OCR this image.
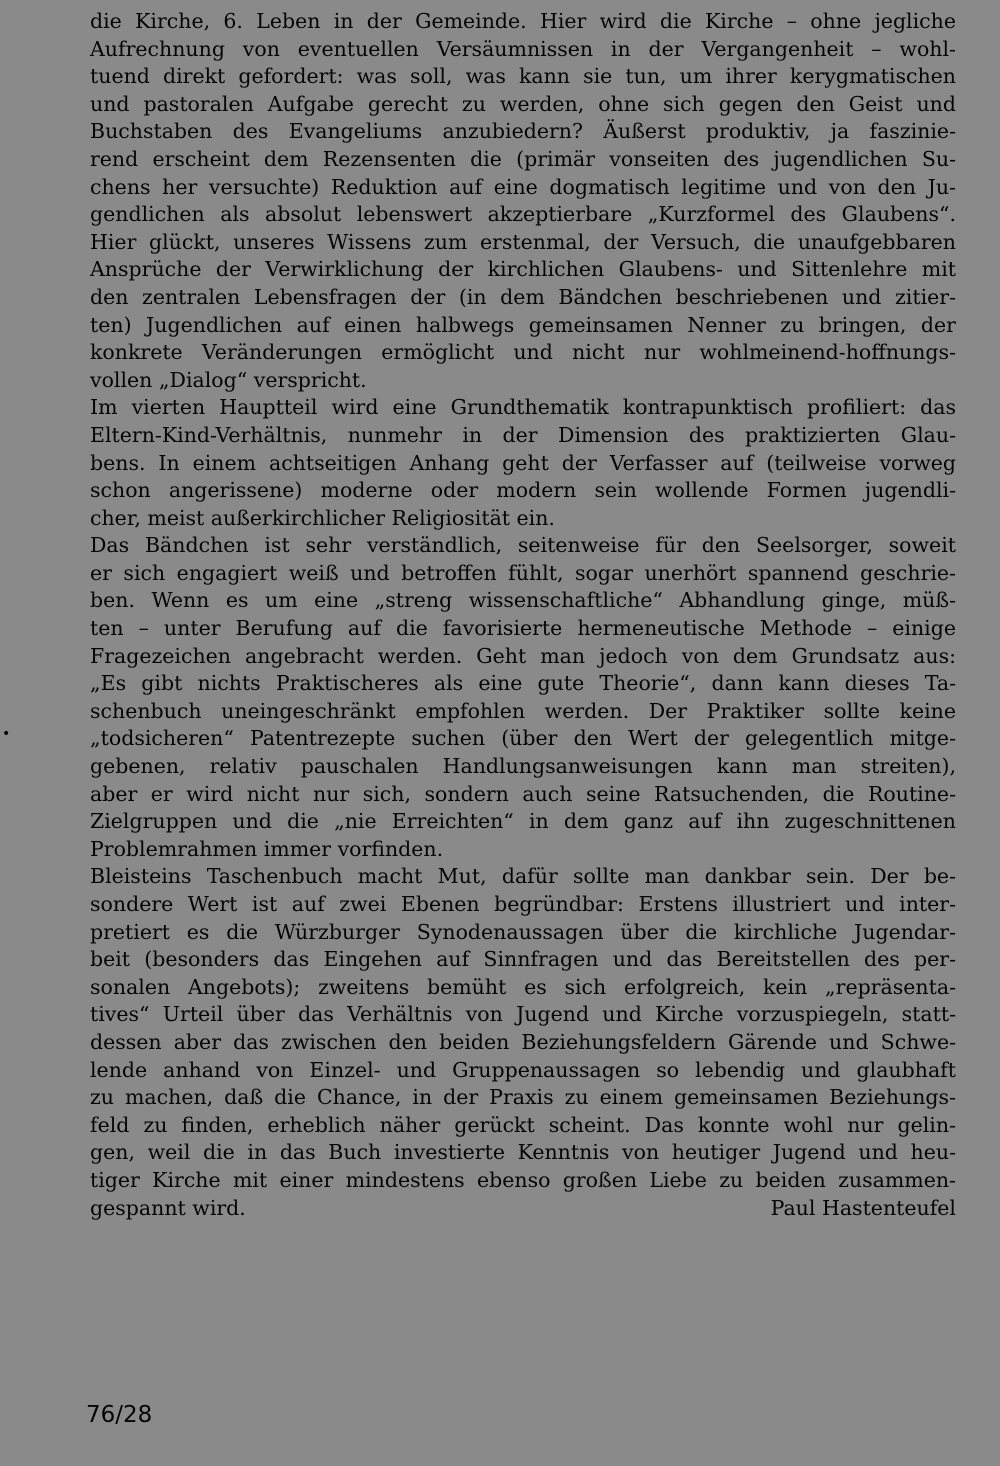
die Kirche, 6. Leben in der Gemeinde. Hier wird die Kirche – ohne jegliche
Aufrechnung von eventuellen Versäumnissen in der Vergangenheit – wohl-
tuend direkt gefordert: was soll, was kann sie tun, um ihrer kerygmatischen
und pastoralen Aufgabe gerecht zu werden, ohne sich gegen den Geist und
Buchstaben des Evangeliums anzubiedern? Äußerst produktiv, ja faszinie-
rend erscheint dem Rezensenten die (primär vonseiten des jugendlichen Su-
chens her versuchte) Reduktion auf eine dogmatisch legitime und von den Ju-
gendlichen als absolut lebenswert akzeptierbare „Kurzformel des Glaubens“.
Hier glückt, unseres Wissens zum erstenmal, der Versuch, die unaufgebbaren
Ansprüche der Verwirklichung der kirchlichen Glaubens- und Sittenlehre mit
den zentralen Lebensfragen der (in dem Bändchen beschriebenen und zitier-
ten) Jugendlichen auf einen halbwegs gemeinsamen Nenner zu bringen, der
konkrete Veränderungen ermöglicht und nicht nur wohlmeinend-hoffnungs-
vollen „Dialog“ verspricht.
Im vierten Hauptteil wird eine Grundthematik kontrapunktisch profiliert: das
Eltern-Kind-Verhältnis, nunmehr in der Dimension des praktizierten Glau-
bens. In einem achtseitigen Anhang geht der Verfasser auf (teilweise vorweg
schon angerissene) moderne oder modern sein wollende Formen jugendli-
cher, meist außerkirchlicher Religiosität ein.
Das Bändchen ist sehr verständlich, seitenweise für den Seelsorger, soweit
er sich engagiert weiß und betroffen fühlt, sogar unerhört spannend geschrie-
ben. Wenn es um eine „streng wissenschaftliche“ Abhandlung ginge, müß-
ten – unter Berufung auf die favorisierte hermeneutische Methode – einige
Fragezeichen angebracht werden. Geht man jedoch von dem Grundsatz aus:
„Es gibt nichts Praktischeres als eine gute Theorie“, dann kann dieses Ta-
schenbuch uneingeschränkt empfohlen werden. Der Praktiker sollte keine
„todsicheren“ Patentrezepte suchen (über den Wert der gelegentlich mitge-
gebenen, relativ pauschalen Handlungsanweisungen kann man streiten),
aber er wird nicht nur sich, sondern auch seine Ratsuchenden, die Routine-
Zielgruppen und die „nie Erreichten“ in dem ganz auf ihn zugeschnittenen
Problemrahmen immer vorfinden.
Bleisteins Taschenbuch macht Mut, dafür sollte man dankbar sein. Der be-
sondere Wert ist auf zwei Ebenen begründbar: Erstens illustriert und inter-
pretiert es die Würzburger Synodenaussagen über die kirchliche Jugendar-
beit (besonders das Eingehen auf Sinnfragen und das Bereitstellen des per-
sonalen Angebots); zweitens bemüht es sich erfolgreich, kein „repräsenta-
tives“ Urteil über das Verhältnis von Jugend und Kirche vorzuspiegeln, statt-
dessen aber das zwischen den beiden Beziehungsfeldern Gärende und Schwe-
lende anhand von Einzel- und Gruppenaussagen so lebendig und glaubhaft
zu machen, daß die Chance, in der Praxis zu einem gemeinsamen Beziehungs-
feld zu finden, erheblich näher gerückt scheint. Das konnte wohl nur gelin-
gen, weil die in das Buch investierte Kenntnis von heutiger Jugend und heu-
tiger Kirche mit einer mindestens ebenso großen Liebe zu beiden zusammen-
gespannt wird.	Paul Hastenteufel
•
76/28
